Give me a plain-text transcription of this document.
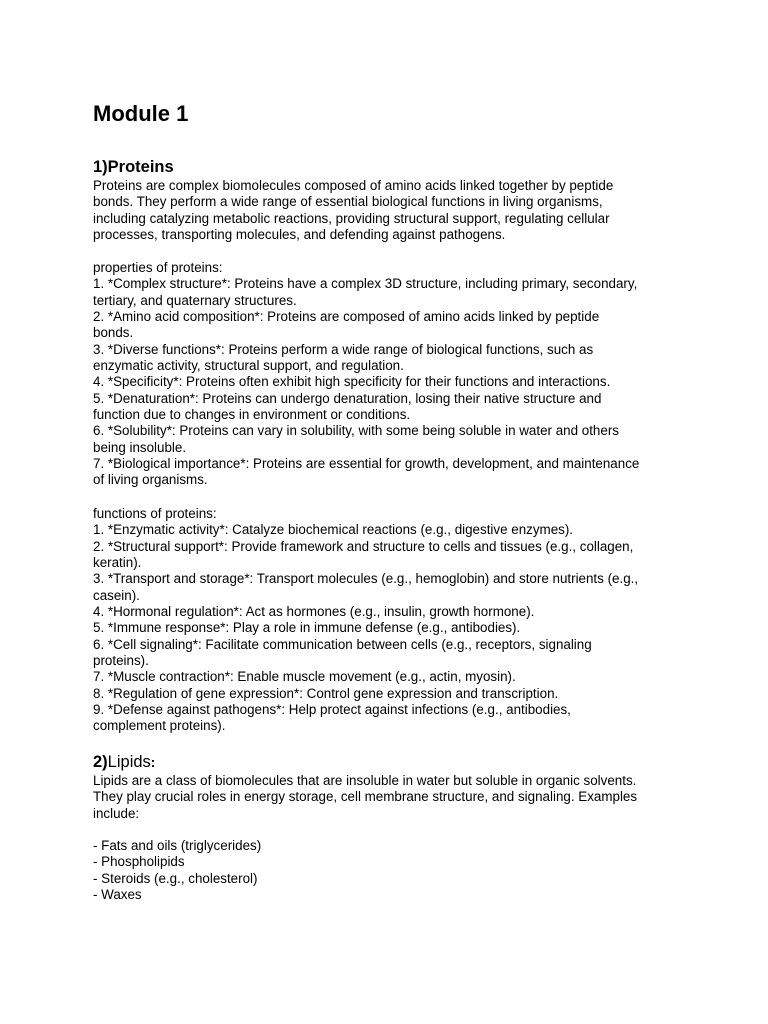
Module 1
1)Proteins
Proteins are complex biomolecules composed of amino acids linked together by peptide
bonds. They perform a wide range of essential biological functions in living organisms,
including catalyzing metabolic reactions, providing structural support, regulating cellular
processes, transporting molecules, and defending against pathogens.
properties of proteins:
1. *Complex structure*: Proteins have a complex 3D structure, including primary, secondary,
tertiary, and quaternary structures.
2. *Amino acid composition*: Proteins are composed of amino acids linked by peptide
bonds.
3. *Diverse functions*: Proteins perform a wide range of biological functions, such as
enzymatic activity, structural support, and regulation.
4. *Specificity*: Proteins often exhibit high specificity for their functions and interactions.
5. *Denaturation*: Proteins can undergo denaturation, losing their native structure and
function due to changes in environment or conditions.
6. *Solubility*: Proteins can vary in solubility, with some being soluble in water and others
being insoluble.
7. *Biological importance*: Proteins are essential for growth, development, and maintenance
of living organisms.
functions of proteins:
1. *Enzymatic activity*: Catalyze biochemical reactions (e.g., digestive enzymes).
2. *Structural support*: Provide framework and structure to cells and tissues (e.g., collagen,
keratin).
3. *Transport and storage*: Transport molecules (e.g., hemoglobin) and store nutrients (e.g.,
casein).
4. *Hormonal regulation*: Act as hormones (e.g., insulin, growth hormone).
5. *Immune response*: Play a role in immune defense (e.g., antibodies).
6. *Cell signaling*: Facilitate communication between cells (e.g., receptors, signaling
proteins).
7. *Muscle contraction*: Enable muscle movement (e.g., actin, myosin).
8. *Regulation of gene expression*: Control gene expression and transcription.
9. *Defense against pathogens*: Help protect against infections (e.g., antibodies,
complement proteins).
2)Lipids:
Lipids are a class of biomolecules that are insoluble in water but soluble in organic solvents.
They play crucial roles in energy storage, cell membrane structure, and signaling. Examples
include:
- Fats and oils (triglycerides)
- Phospholipids
- Steroids (e.g., cholesterol)
- Waxes
